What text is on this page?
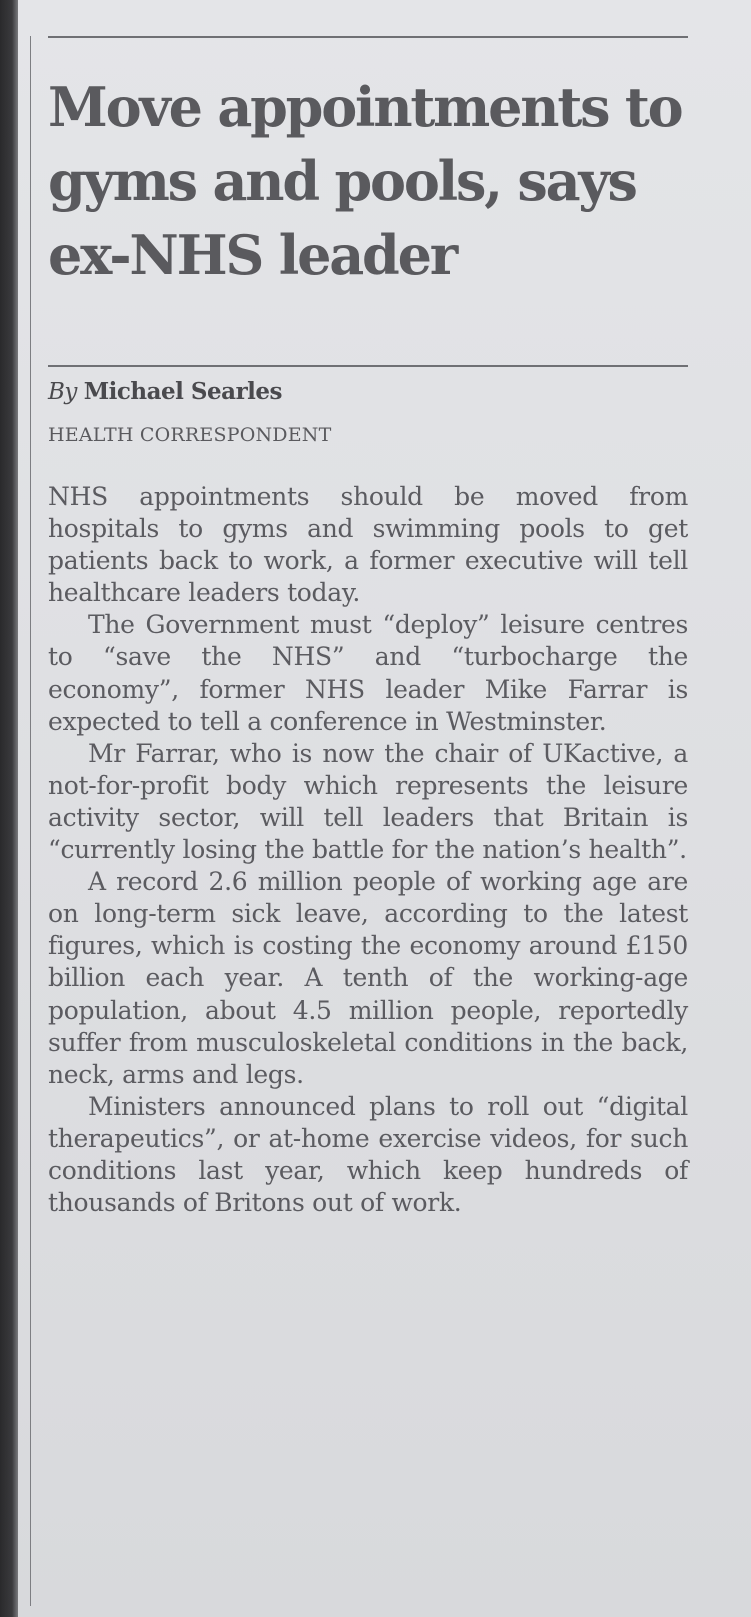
Move appointments to gyms and pools, says ex-NHS leader
By Michael Searles
HEALTH CORRESPONDENT

NHS appointments should be moved from hospitals to gyms and swimming pools to get patients back to work, a former executive will tell healthcare leaders today.

The Government must “deploy” leisure centres to “save the NHS” and “turbocharge the economy”, former NHS leader Mike Farrar is expected to tell a conference in Westminster.

Mr Farrar, who is now the chair of UKactive, a not-for-profit body which represents the leisure activity sector, will tell leaders that Britain is “currently losing the battle for the nation’s health”.

A record 2.6 million people of working age are on long-term sick leave, according to the latest figures, which is costing the economy around £150 billion each year. A tenth of the working-age population, about 4.5 million people, reportedly suffer from musculoskeletal conditions in the back, neck, arms and legs.

Ministers announced plans to roll out “digital therapeutics”, or at-home exercise videos, for such conditions last year, which keep hundreds of thousands of Britons out of work.
